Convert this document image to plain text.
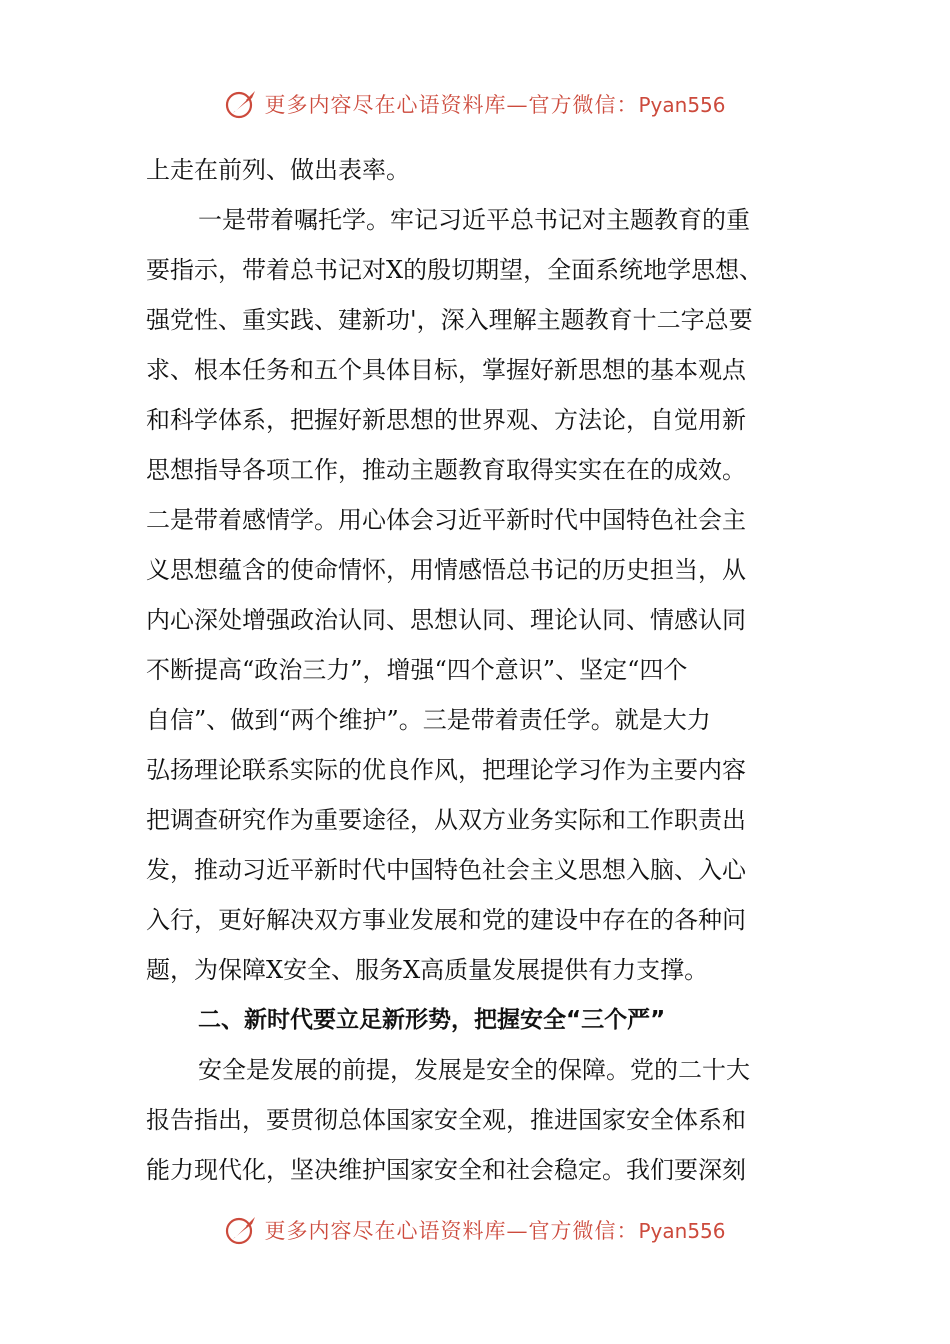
更多内容尽在心语资料库—官方微信：Pyan556
上走在前列、做出表率。
一是带着嘱托学。牢记习近平总书记对主题教育的重
要指示，带着总书记对X的殷切期望，全面系统地学思想、
强党性、重实践、建新功'，深入理解主题教育十二字总要
求、根本任务和五个具体目标，掌握好新思想的基本观点
和科学体系，把握好新思想的世界观、方法论，自觉用新
思想指导各项工作，推动主题教育取得实实在在的成效。
二是带着感情学。用心体会习近平新时代中国特色社会主
义思想蕴含的使命情怀，用情感悟总书记的历史担当，从
内心深处增强政治认同、思想认同、理论认同、情感认同
不断提高“政治三力”，增强“四个意识”、坚定“四个
自信”、做到“两个维护”。三是带着责任学。就是大力
弘扬理论联系实际的优良作风，把理论学习作为主要内容
把调查研究作为重要途径，从双方业务实际和工作职责出
发，推动习近平新时代中国特色社会主义思想入脑、入心
入行，更好解决双方事业发展和党的建设中存在的各种问
题，为保障X安全、服务X高质量发展提供有力支撑。
二、新时代要立足新形势，把握安全“三个严”
安全是发展的前提，发展是安全的保障。党的二十大
报告指出，要贯彻总体国家安全观，推进国家安全体系和
能力现代化，坚决维护国家安全和社会稳定。我们要深刻
更多内容尽在心语资料库—官方微信：Pyan556
